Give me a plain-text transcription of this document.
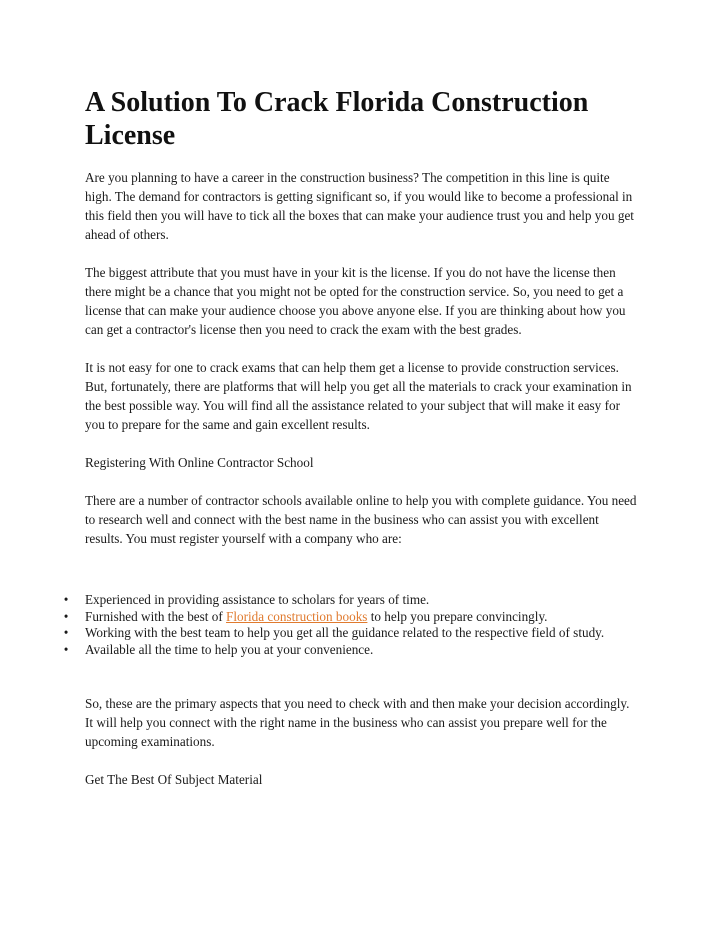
A Solution To Crack Florida Construction License

Are you planning to have a career in the construction business? The competition in this line is quite high. The demand for contractors is getting significant so, if you would like to become a professional in this field then you will have to tick all the boxes that can make your audience trust you and help you get ahead of others.

The biggest attribute that you must have in your kit is the license. If you do not have the license then there might be a chance that you might not be opted for the construction service. So, you need to get a license that can make your audience choose you above anyone else. If you are thinking about how you can get a contractor's license then you need to crack the exam with the best grades.

It is not easy for one to crack exams that can help them get a license to provide construction services. But, fortunately, there are platforms that will help you get all the materials to crack your examination in the best possible way. You will find all the assistance related to your subject that will make it easy for you to prepare for the same and gain excellent results.

Registering With Online Contractor School

There are a number of contractor schools available online to help you with complete guidance. You need to research well and connect with the best name in the business who can assist you with excellent results. You must register yourself with a company who are:

• Experienced in providing assistance to scholars for years of time.
• Furnished with the best of Florida construction books to help you prepare convincingly.
• Working with the best team to help you get all the guidance related to the respective field of study.
• Available all the time to help you at your convenience.

So, these are the primary aspects that you need to check with and then make your decision accordingly. It will help you connect with the right name in the business who can assist you prepare well for the upcoming examinations.

Get The Best Of Subject Material
